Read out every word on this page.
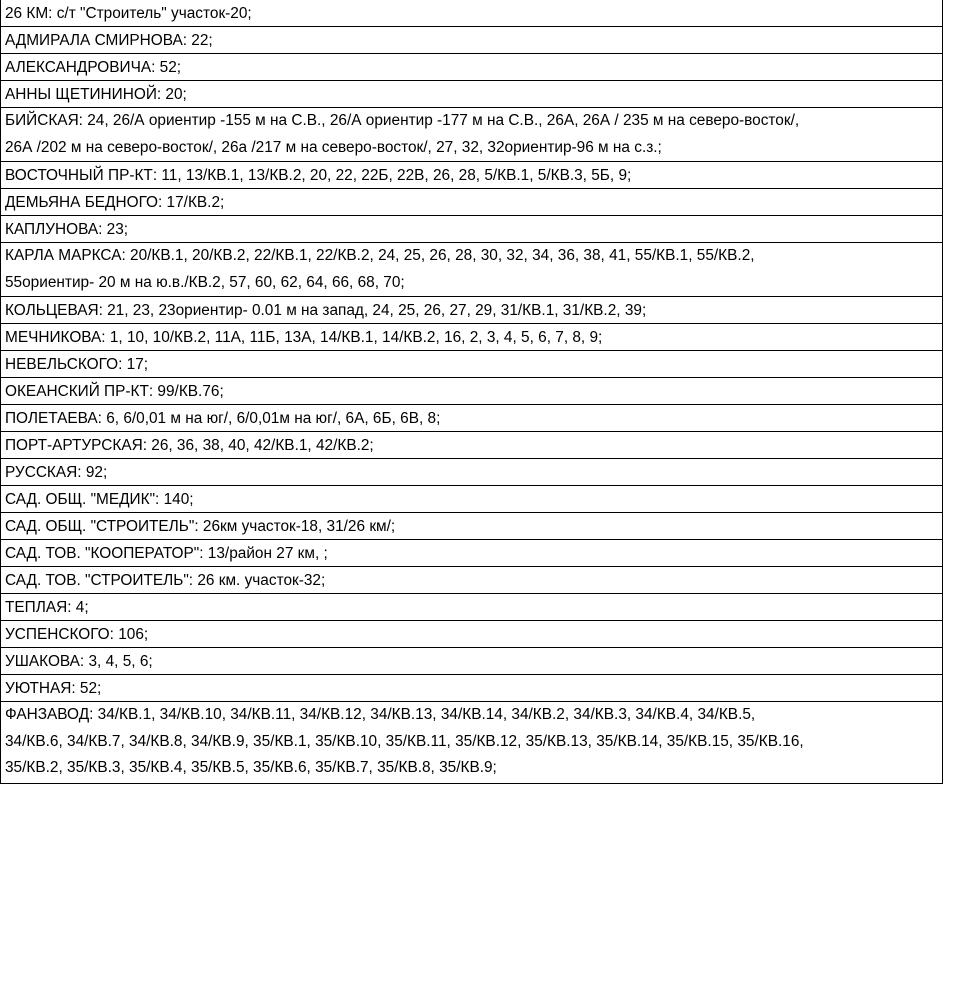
26 КМ: с/т "Строитель" участок-20;
АДМИРАЛА СМИРНОВА: 22;
АЛЕКСАНДРОВИЧА: 52;
АННЫ ЩЕТИНИНОЙ: 20;
БИЙСКАЯ: 24, 26/А ориентир -155 м на С.В., 26/А ориентир -177 м на С.В., 26А, 26А / 235 м на северо-восток/,
26А /202 м на северо-восток/, 26а /217 м на северо-восток/, 27, 32, 32ориентир-96 м на с.з.;
ВОСТОЧНЫЙ ПР-КТ: 11, 13/КВ.1, 13/КВ.2, 20, 22, 22Б, 22В, 26, 28, 5/КВ.1, 5/КВ.3, 5Б, 9;
ДЕМЬЯНА БЕДНОГО: 17/КВ.2;
КАПЛУНОВА: 23;
КАРЛА МАРКСА: 20/КВ.1, 20/КВ.2, 22/КВ.1, 22/КВ.2, 24, 25, 26, 28, 30, 32, 34, 36, 38, 41, 55/КВ.1, 55/КВ.2,
55ориентир- 20 м на ю.в./КВ.2, 57, 60, 62, 64, 66, 68, 70;
КОЛЬЦЕВАЯ: 21, 23, 23ориентир- 0.01 м на запад, 24, 25, 26, 27, 29, 31/КВ.1, 31/КВ.2, 39;
МЕЧНИКОВА: 1, 10, 10/КВ.2, 11А, 11Б, 13А, 14/КВ.1, 14/КВ.2, 16, 2, 3, 4, 5, 6, 7, 8, 9;
НЕВЕЛЬСКОГО: 17;
ОКЕАНСКИЙ ПР-КТ: 99/КВ.76;
ПОЛЕТАЕВА: 6, 6/0,01 м на юг/, 6/0,01м на юг/, 6А, 6Б, 6В, 8;
ПОРТ-АРТУРСКАЯ: 26, 36, 38, 40, 42/КВ.1, 42/КВ.2;
РУССКАЯ: 92;
САД. ОБЩ. "МЕДИК": 140;
САД. ОБЩ. "СТРОИТЕЛЬ": 26км участок-18, 31/26 км/;
САД. ТОВ. "КООПЕРАТОР": 13/район 27 км, ;
САД. ТОВ. "СТРОИТЕЛЬ": 26 км. участок-32;
ТЕПЛАЯ: 4;
УСПЕНСКОГО: 106;
УШАКОВА: 3, 4, 5, 6;
УЮТНАЯ: 52;
ФАНЗАВОД: 34/КВ.1, 34/КВ.10, 34/КВ.11, 34/КВ.12, 34/КВ.13, 34/КВ.14, 34/КВ.2, 34/КВ.3, 34/КВ.4, 34/КВ.5,
34/КВ.6, 34/КВ.7, 34/КВ.8, 34/КВ.9, 35/КВ.1, 35/КВ.10, 35/КВ.11, 35/КВ.12, 35/КВ.13, 35/КВ.14, 35/КВ.15, 35/КВ.16,
35/КВ.2, 35/КВ.3, 35/КВ.4, 35/КВ.5, 35/КВ.6, 35/КВ.7, 35/КВ.8, 35/КВ.9;
